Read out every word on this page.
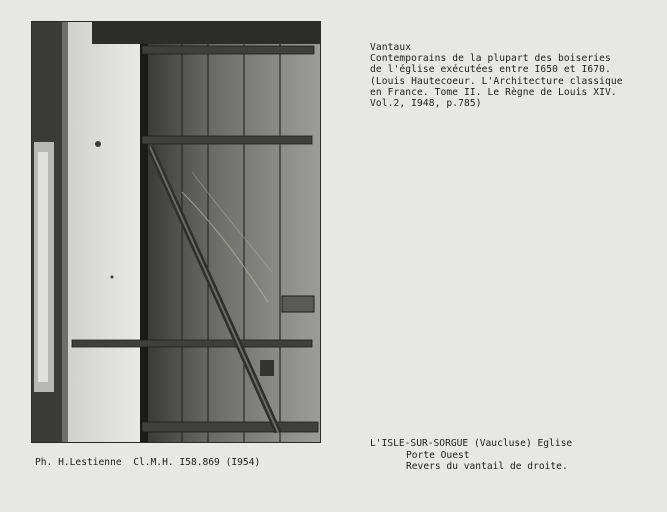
Vantaux
Contemporains de la plupart des boiseries
de l'église exécutées entre I650 et I670.
(Louis Hautecoeur. L'Architecture classique
en France. Tome II. Le Règne de Louis XIV.
Vol.2, I948, p.785)
Ph. H.Lestienne  Cl.M.H. I58.869 (I954)
L'ISLE-SUR-SORGUE (Vaucluse) Eglise

Porte Ouest
Revers du vantail de droite.
